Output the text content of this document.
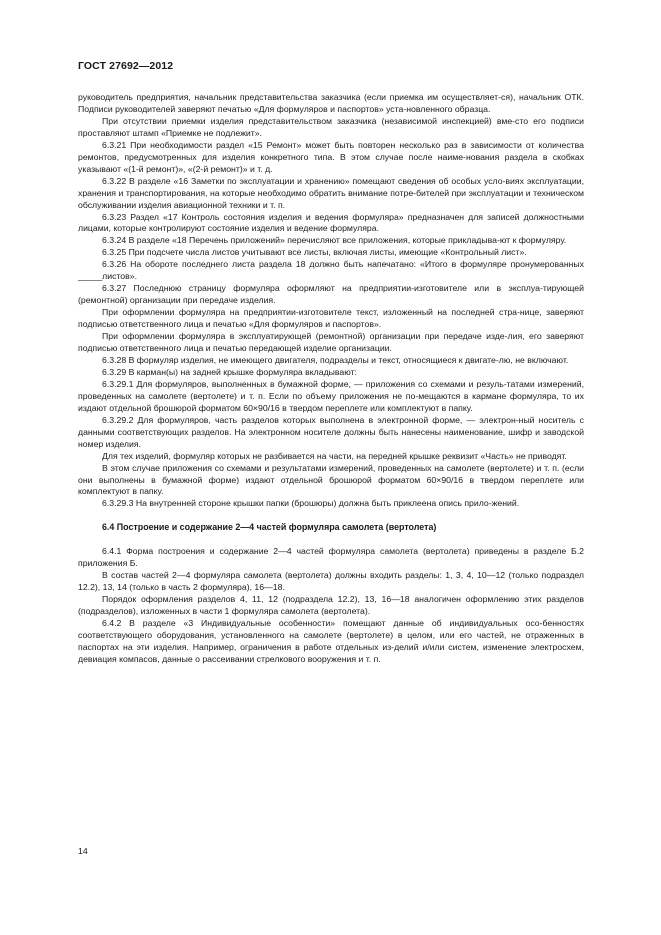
ГОСТ 27692—2012

руководитель предприятия, начальник представительства заказчика (если приемка им осуществляет-ся), начальник ОТК. Подписи руководителей заверяют печатью «Для формуляров и паспортов» уста-новленного образца.

При отсутствии приемки изделия представительством заказчика (независимой инспекцией) вме-сто его подписи проставляют штамп «Приемке не подлежит».

6.3.21 При необходимости раздел «15 Ремонт» может быть повторен несколько раз в зависимости от количества ремонтов, предусмотренных для изделия конкретного типа. В этом случае после наиме-нования раздела в скобках указывают «(1-й ремонт)», «(2-й ремонт)» и т. д.

6.3.22 В разделе «16 Заметки по эксплуатации и хранению» помещают сведения об особых усло-виях эксплуатации, хранения и транспортирования, на которые необходимо обратить внимание потре-бителей при эксплуатации и техническом обслуживании изделия авиационной техники и т. п.

6.3.23 Раздел «17 Контроль состояния изделия и ведения формуляра» предназначен для записей должностными лицами, которые контролируют состояние изделия и ведение формуляра.

6.3.24 В разделе «18 Перечень приложений» перечисляют все приложения, которые прикладыва-ют к формуляру.

6.3.25 При подсчете числа листов учитывают все листы, включая листы, имеющие «Контрольный лист».

6.3.26 На обороте последнего листа раздела 18 должно быть напечатано: «Итого в формуляре пронумерованных _____листов».

6.3.27 Последнюю страницу формуляра оформляют на предприятии-изготовителе или в эксплуа-тирующей (ремонтной) организации при передаче изделия.

При оформлении формуляра на предприятии-изготовителе текст, изложенный на последней стра-нице, заверяют подписью ответственного лица и печатью «Для формуляров и паспортов».

При оформлении формуляра в эксплуатирующей (ремонтной) организации при передаче изде-лия, его заверяют подписью ответственного лица и печатью передающей изделие организации.

6.3.28 В формуляр изделия, не имеющего двигателя, подразделы и текст, относящиеся к двигате-лю, не включают.

6.3.29 В карман(ы) на задней крышке формуляра вкладывают:

6.3.29.1 Для формуляров, выполненных в бумажной форме, — приложения со схемами и резуль-татами измерений, проведенных на самолете (вертолете) и т. п. Если по объему приложения не по-мещаются в кармане формуляра, то их издают отдельной брошюрой форматом 60×90/16 в твердом переплете или комплектуют в папку.

6.3.29.2 Для формуляров, часть разделов которых выполнена в электронной форме, — электрон-ный носитель с данными соответствующих разделов. На электронном носителе должны быть нанесены наименование, шифр и заводской номер изделия.

Для тех изделий, формуляр которых не разбивается на части, на передней крышке реквизит «Часть» не приводят.

В этом случае приложения со схемами и результатами измерений, проведенных на самолете (вертолете) и т. п. (если они выполнены в бумажной форме) издают отдельной брошюрой форматом 60×90/16 в твердом переплете или комплектуют в папку.

6.3.29.3 На внутренней стороне крышки папки (брошюры) должна быть приклеена опись прило-жений.

6.4 Построение и содержание 2—4 частей формуляра самолета (вертолета)

6.4.1 Форма построения и содержание 2—4 частей формуляра самолета (вертолета) приведены в разделе Б.2 приложения Б.

В состав частей 2—4 формуляра самолета (вертолета) должны входить разделы: 1, 3, 4, 10—12 (только подраздел 12.2), 13, 14 (только в часть 2 формуляра), 16—18.

Порядок оформления разделов 4, 11, 12 (подраздела 12.2), 13, 16—18 аналогичен оформлению этих разделов (подразделов), изложенных в части 1 формуляра самолета (вертолета).

6.4.2 В разделе «3 Индивидуальные особенности» помещают данные об индивидуальных осо-бенностях соответствующего оборудования, установленного на самолете (вертолете) в целом, или его частей, не отраженных в паспортах на эти изделия. Например, ограничения в работе отдельных из-делий и/или систем, изменение электросхем, девиация компасов, данные о рассеивании стрелкового вооружения и т. п.

14
